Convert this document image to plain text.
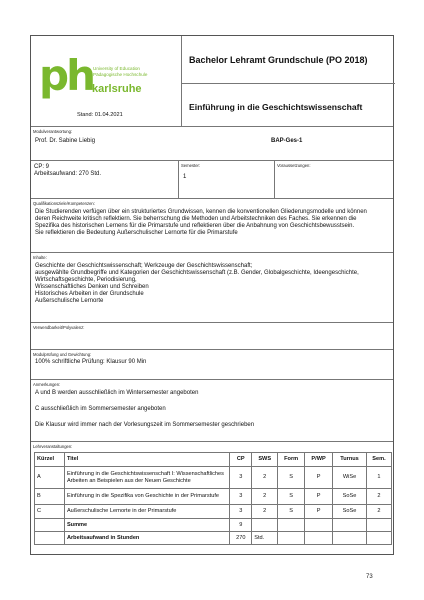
ph University of Education
Pädagogische Hochschule
karlsruhe
Stand: 01.04.2021
Bachelor Lehramt Grundschule (PO 2018)
Einführung in die Geschichtswissenschaft
Modulverantwortung:
Prof. Dr. Sabine Liebig	BAP-Ges-1
CP: 9
Arbeitsaufwand: 270 Std.
Semester:
1
Voraussetzungen:
Qualifikationsziele/Kompetenzen:
Die Studierenden verfügen über ein strukturiertes Grundwissen, kennen die konventionellen Gliederungsmodelle und können
deren Reichweite kritisch reflektiern. Sie beherrschung die Methoden und Arbeitstechniken des Faches. Sie erkennen die
Spezifika des historischen Lernens für die Primarstufe und reflektieren über die Anbahnung von Geschichtsbewusstsein.
Sie reflektieren die Bedeutung Außerschulischer Lernorte für die Primarstufe
Inhalte:
Geschichte der Geschichtswissenschaft; Werkzeuge der Geschichtswissenschaft;
ausgewählte Grundbegriffe und Kategorien der Geschichtswissenschaft (z.B. Gender, Globalgeschichte, Ideengeschichte,
Wirtschaftsgeschichte, Periodisierung,
Wissenschaftliches Denken und Schreiben
Historisches Arbeiten in der Grundschule
Außerschulische Lernorte
Verwendbarkeit/Polyvalenz:
Modulprüfung und Gewichtung:
100% schriftliche Prüfung: Klausur 90 Min
Anmerkungen:
A und B werden ausschließlich im Wintersemester angeboten
C ausschließlich im Sommersemester angeboten
Die Klausur wird immer nach der Vorlesungszeit im Sommersemester geschrieben
Lehrveranstaltungen:
Kürzel	Titel	CP	SWS	Form	P/WP	Turnus	Sem.
A	Einführung in die Geschichtswissenschaft I: Wissenschaftliches Arbeiten an Beispielen aus der Neuen Geschichte	3	2	S	P	WiSe	1
B	Einführung in die Spezifika von Geschichte in der Primarstufe	3	2	S	P	SoSe	2
C	Außerschulische Lernorte in der Primarstufe	3	2	S	P	SoSe	2
	Summe	9					
	Arbeitsaufwand in Stunden	270	Std.				
73
